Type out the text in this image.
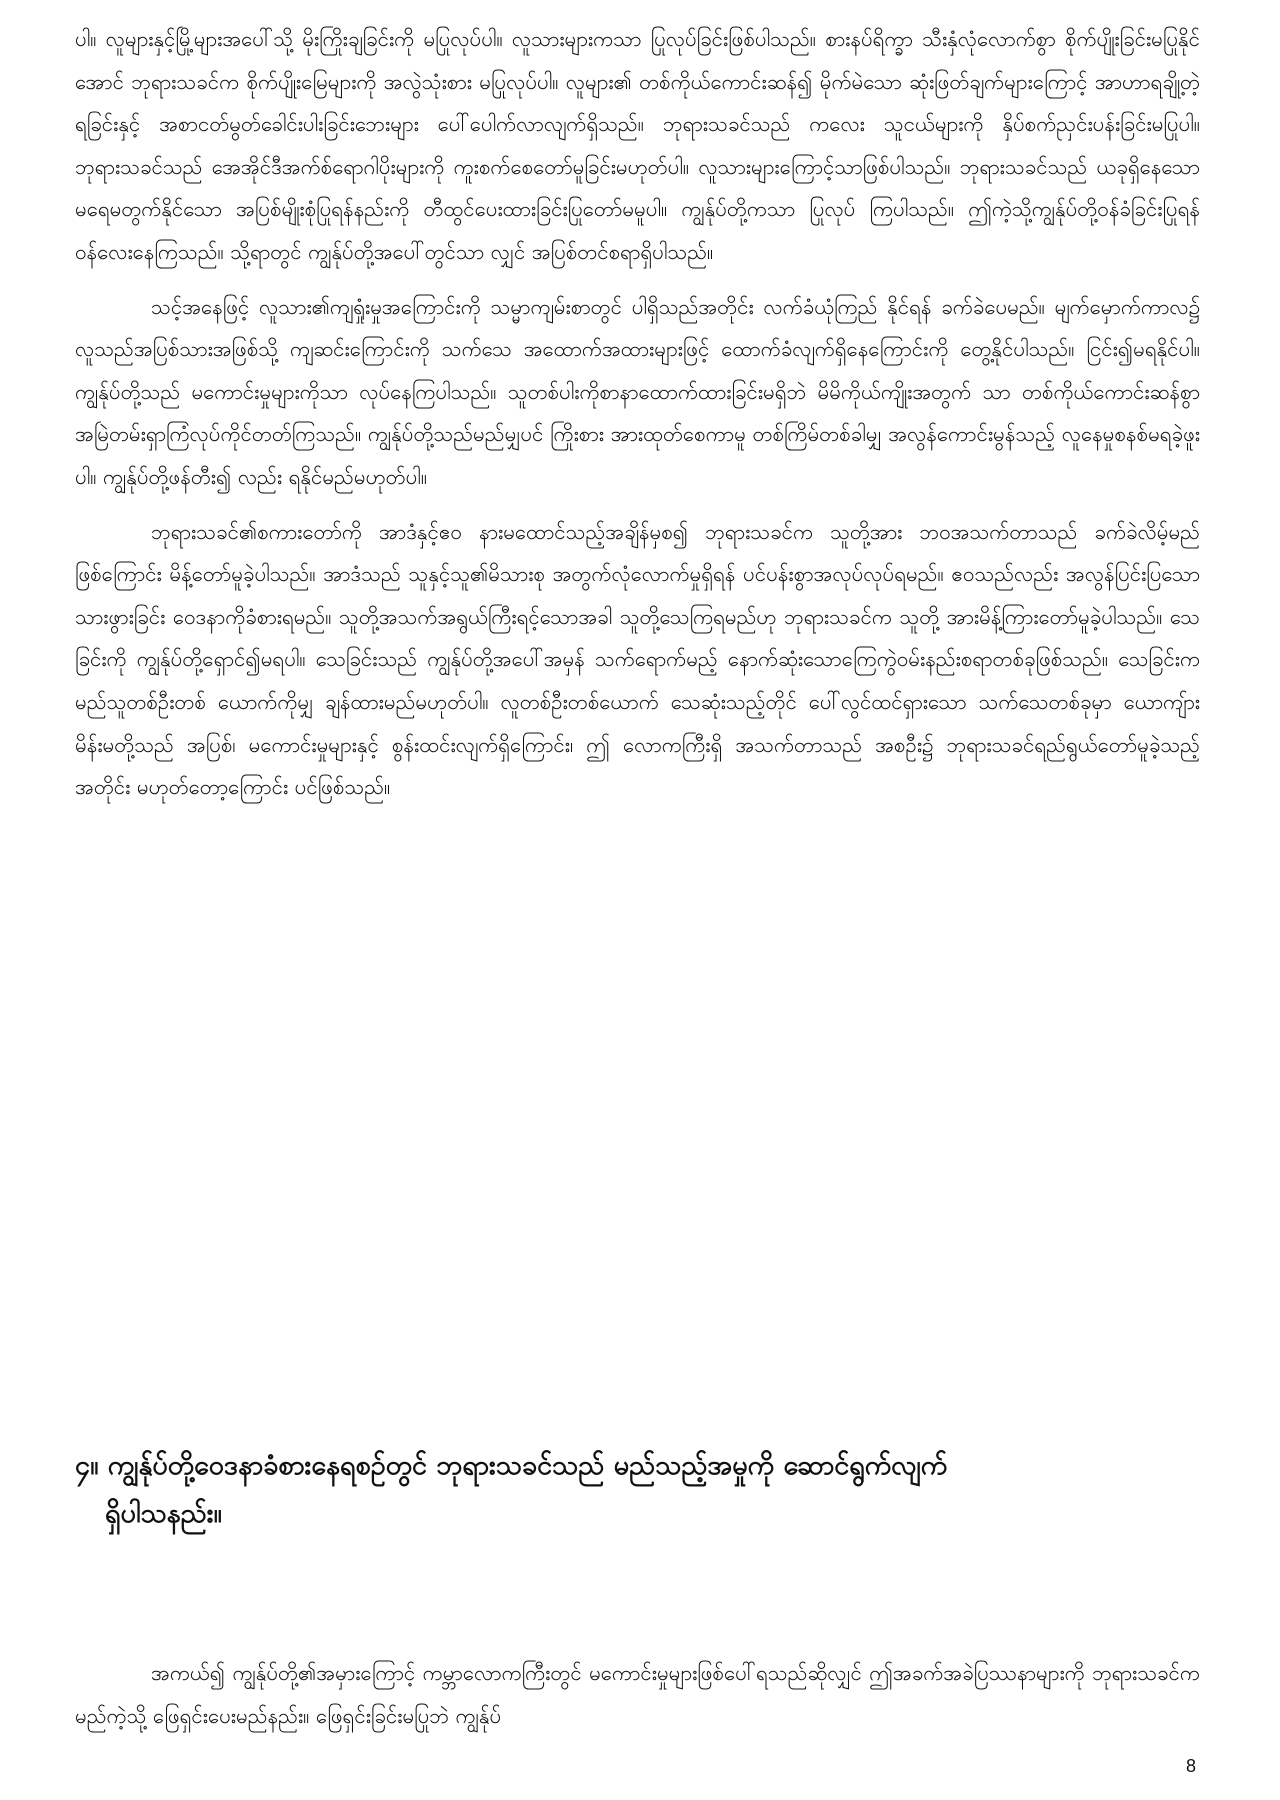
ပါ။ လူများနှင့်မြို့များအပေါ်သို့ မိုးကြိုးချခြင်းကို မပြုလုပ်ပါ။ လူသားများကသာ ပြုလုပ်ခြင်းဖြစ်ပါသည်။ စားနပ်ရိက္ခာ သီးနှံလုံလောက်စွာ စိုက်ပျိုးခြင်းမပြုနိုင်အောင် ဘုရားသခင်က စိုက်ပျိုးမြေများကို အလွဲသုံးစား မပြုလုပ်ပါ။ လူများ၏ တစ်ကိုယ်ကောင်းဆန်၍ မိုက်မဲသော ဆုံးဖြတ်ချက်များကြောင့် အာဟာရချို့တဲ့ ရခြင်းနှင့် အစာငတ်မွတ်ခေါင်းပါးခြင်းဘေးများ ပေါ်ပေါက်လာလျက်ရှိသည်။ ဘုရားသခင်သည် ကလေး သူငယ်များကို နှိပ်စက်ညှင်းပန်းခြင်းမပြုပါ။ ဘုရားသခင်သည် အေအိုင်ဒီအက်စ်ရောဂါပိုးများကို ကူးစက်စေတော်မူခြင်းမဟုတ်ပါ။ လူသားများကြောင့်သာဖြစ်ပါသည်။ ဘုရားသခင်သည် ယခုရှိနေသော မရေမတွက်နိုင်သော အပြစ်မျိုးစုံပြုရန်နည်းကို တီထွင်ပေးထားခြင်းပြုတော်မမူပါ။ ကျွန်ုပ်တို့ကသာ ပြုလုပ် ကြပါသည်။ ဤကဲ့သို့ကျွန်ုပ်တို့ဝန်ခံခြင်းပြုရန် ဝန်လေးနေကြသည်။ သို့ရာတွင် ကျွန်ုပ်တို့အပေါ်တွင်သာ လျှင် အပြစ်တင်စရာရှိပါသည်။

သင့်အနေဖြင့် လူသား၏ကျရှုံးမှုအကြောင်းကို သမ္မာကျမ်းစာတွင် ပါရှိသည်အတိုင်း လက်ခံယုံကြည် နိုင်ရန် ခက်ခဲပေမည်။ မျက်မှောက်ကာလ၌ လူသည်အပြစ်သားအဖြစ်သို့ ကျဆင်းကြောင်းကို သက်သေ အထောက်အထားများဖြင့် ထောက်ခံလျက်ရှိနေကြောင်းကို တွေ့နိုင်ပါသည်။ ငြင်း၍မရနိုင်ပါ။ ကျွန်ုပ်တို့သည် မကောင်းမှုများကိုသာ လုပ်နေကြပါသည်။ သူတစ်ပါးကိုစာနာထောက်ထားခြင်းမရှိဘဲ မိမိကိုယ်ကျိုးအတွက် သာ တစ်ကိုယ်ကောင်းဆန်စွာ အမြဲတမ်းရှာကြံလုပ်ကိုင်တတ်ကြသည်။ ကျွန်ုပ်တို့သည်မည်မျှပင် ကြိုးစား အားထုတ်စေကာမူ တစ်ကြိမ်တစ်ခါမျှ အလွန်ကောင်းမွန်သည့် လူနေမှုစနစ်မရခဲ့ဖူးပါ။ ကျွန်ုပ်တို့ဖန်တီး၍ လည်း ရနိုင်မည်မဟုတ်ပါ။

ဘုရားသခင်၏စကားတော်ကို အာဒံနှင့်ဧဝ နားမထောင်သည့်အချိန်မှစ၍ ဘုရားသခင်က သူတို့အား ဘဝအသက်တာသည် ခက်ခဲလိမ့်မည်ဖြစ်ကြောင်း မိန့်တော်မူခဲ့ပါသည်။ အာဒံသည် သူနှင့်သူ၏မိသားစု အတွက်လုံလောက်မှုရှိရန် ပင်ပန်းစွာအလုပ်လုပ်ရမည်။ ဧဝသည်လည်း အလွန်ပြင်းပြသော သားဖွားခြင်း ဝေဒနာကိုခံစားရမည်။ သူတို့အသက်အရွယ်ကြီးရင့်သောအခါ သူတို့သေကြရမည်ဟု ဘုရားသခင်က သူတို့ အားမိန့်ကြားတော်မူခဲ့ပါသည်။ သေခြင်းကို ကျွန်ုပ်တို့ရှောင်၍မရပါ။ သေခြင်းသည် ကျွန်ုပ်တို့အပေါ်အမှန် သက်ရောက်မည့် နောက်ဆုံးသောကြေကွဲဝမ်းနည်းစရာတစ်ခုဖြစ်သည်။ သေခြင်းကမည်သူတစ်ဦးတစ် ယောက်ကိုမျှ ချန်ထားမည်မဟုတ်ပါ။ လူတစ်ဦးတစ်ယောက် သေဆုံးသည့်တိုင် ပေါ်လွင်ထင်ရှားသော သက်သေတစ်ခုမှာ ယောကျ်ားမိန်းမတို့သည် အပြစ်၊ မကောင်းမှုများနှင့် စွန်းထင်းလျက်ရှိကြောင်း၊ ဤ လောကကြီးရှိ အသက်တာသည် အစဦး၌ ဘုရားသခင်ရည်ရွယ်တော်မူခဲ့သည့်အတိုင်း မဟုတ်တော့ကြောင်း ပင်ဖြစ်သည်။

၄။ ကျွန်ုပ်တို့ဝေဒနာခံစားနေရစဉ်တွင် ဘုရားသခင်သည် မည်သည့်အမှုကို ဆောင်ရွက်လျက်
ရှိပါသနည်း။

အကယ်၍ ကျွန်ုပ်တို့၏အမှားကြောင့် ကမ္ဘာလောကကြီးတွင် မကောင်းမှုများဖြစ်ပေါ်ရသည်ဆိုလျှင် ဤအခက်အခဲပြဿနာများကို ဘုရားသခင်က မည်ကဲ့သို့ ဖြေရှင်းပေးမည်နည်း။ ဖြေရှင်းခြင်းမပြုဘဲ ကျွန်ုပ်

8
